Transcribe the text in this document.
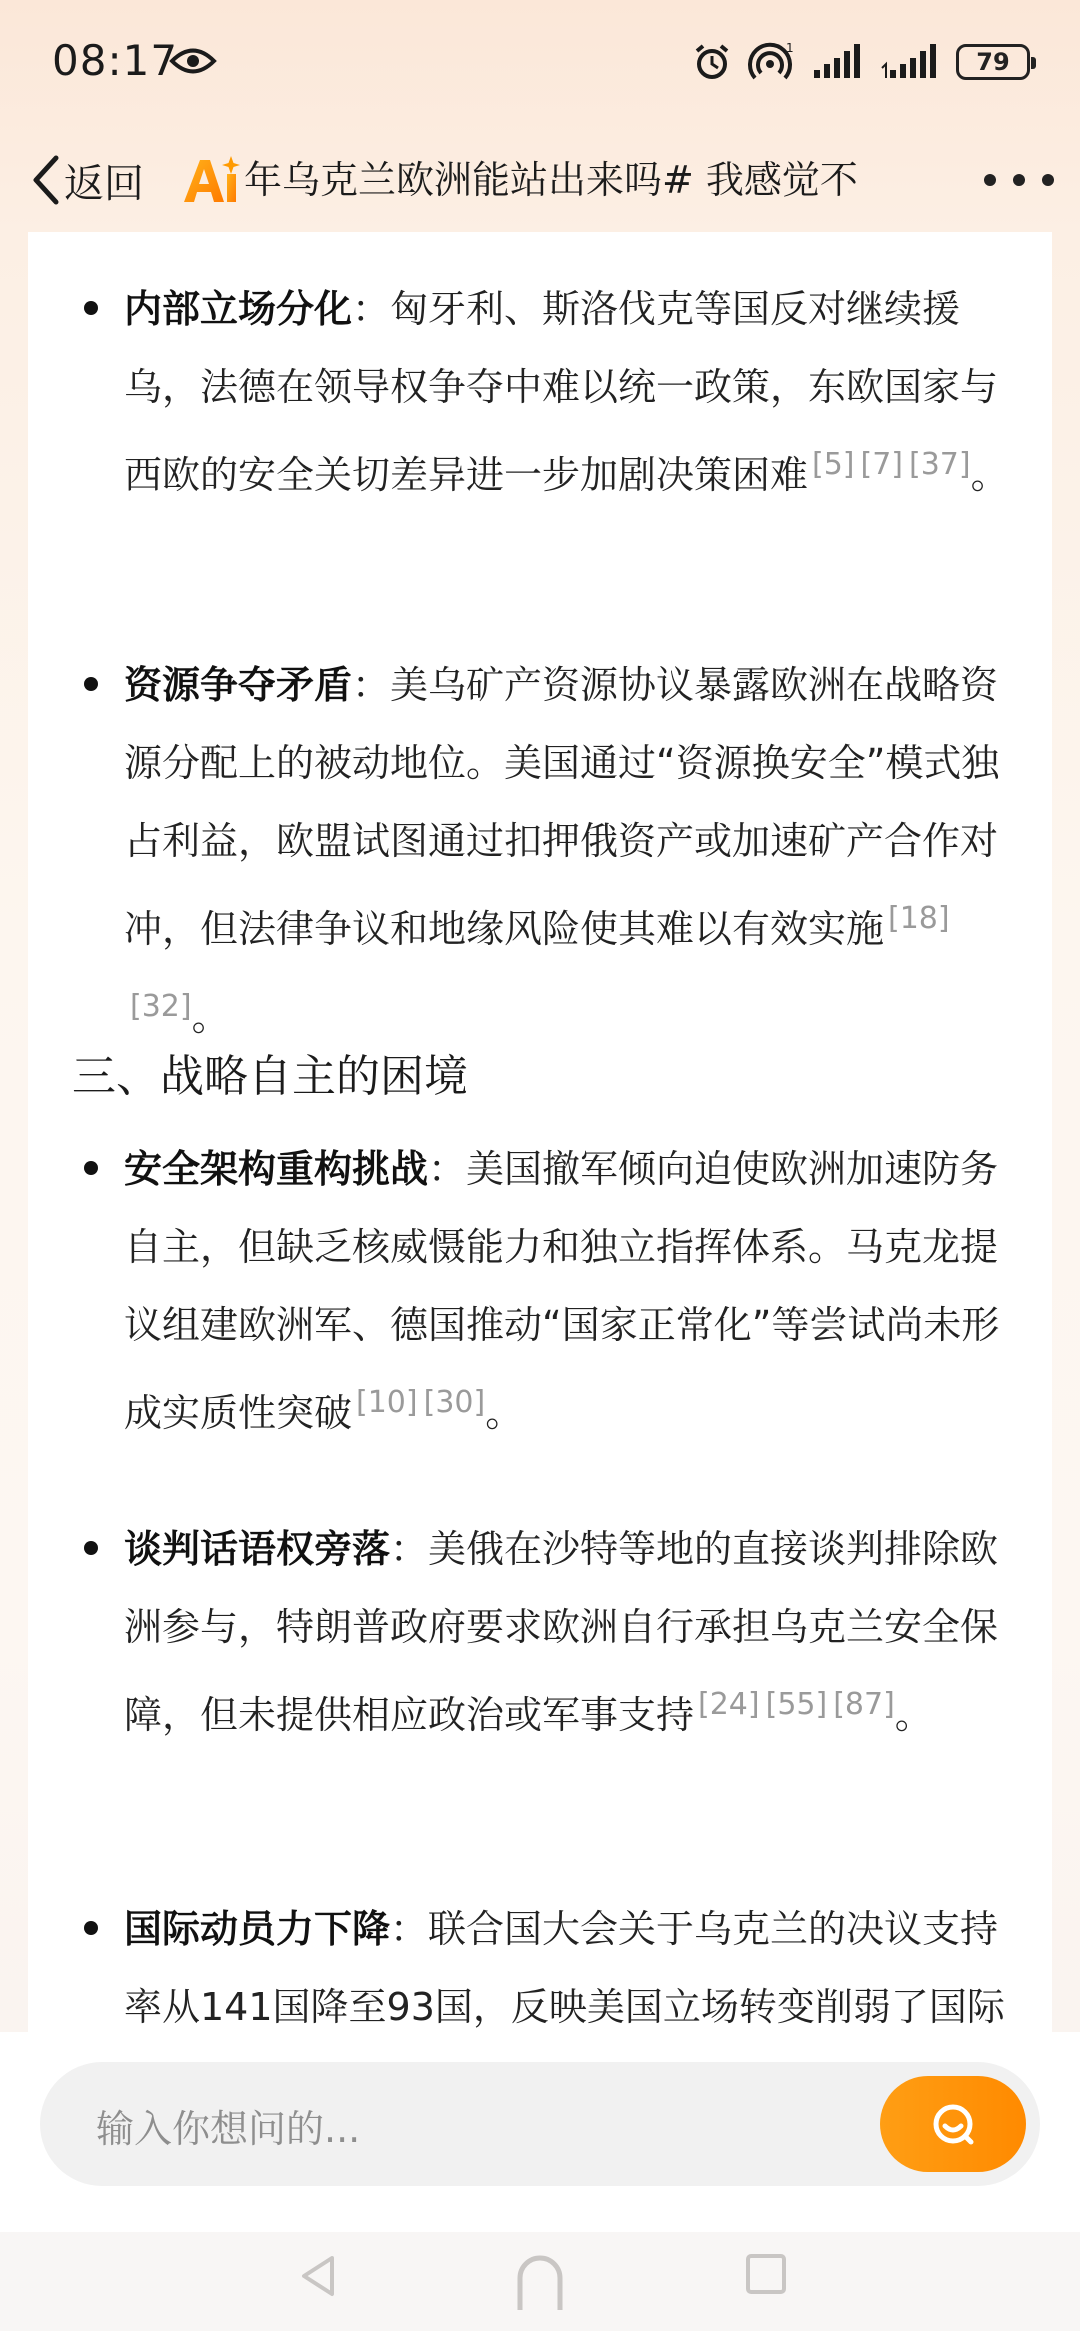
08:17	1	79
返回	年乌克兰欧洲能站出来吗# 我感觉不
内部立场分化：匈牙利、斯洛伐克等国反对继续援乌，法德在领导权争夺中难以统一政策，东欧国家与西欧的安全关切差异进一步加剧决策困难 [5] [7] [37]。
资源争夺矛盾：美乌矿产资源协议暴露欧洲在战略资源分配上的被动地位。美国通过“资源换安全”模式独占利益，欧盟试图通过扣押俄资产或加速矿产合作对冲，但法律争议和地缘风险使其难以有效实施 [18][32]。
三、战略自主的困境
安全架构重构挑战：美国撤军倾向迫使欧洲加速防务自主，但缺乏核威慑能力和独立指挥体系。马克龙提议组建欧洲军、德国推动“国家正常化”等尝试尚未形成实质性突破 [10] [30]。
谈判话语权旁落：美俄在沙特等地的直接谈判排除欧洲参与，特朗普政府要求欧洲自行承担乌克兰安全保障，但未提供相应政治或军事支持 [24] [55] [87]。
国际动员力下降：联合国大会关于乌克兰的决议支持率从141国降至93国，反映美国立场转变削弱了国际
输入你想问的...
